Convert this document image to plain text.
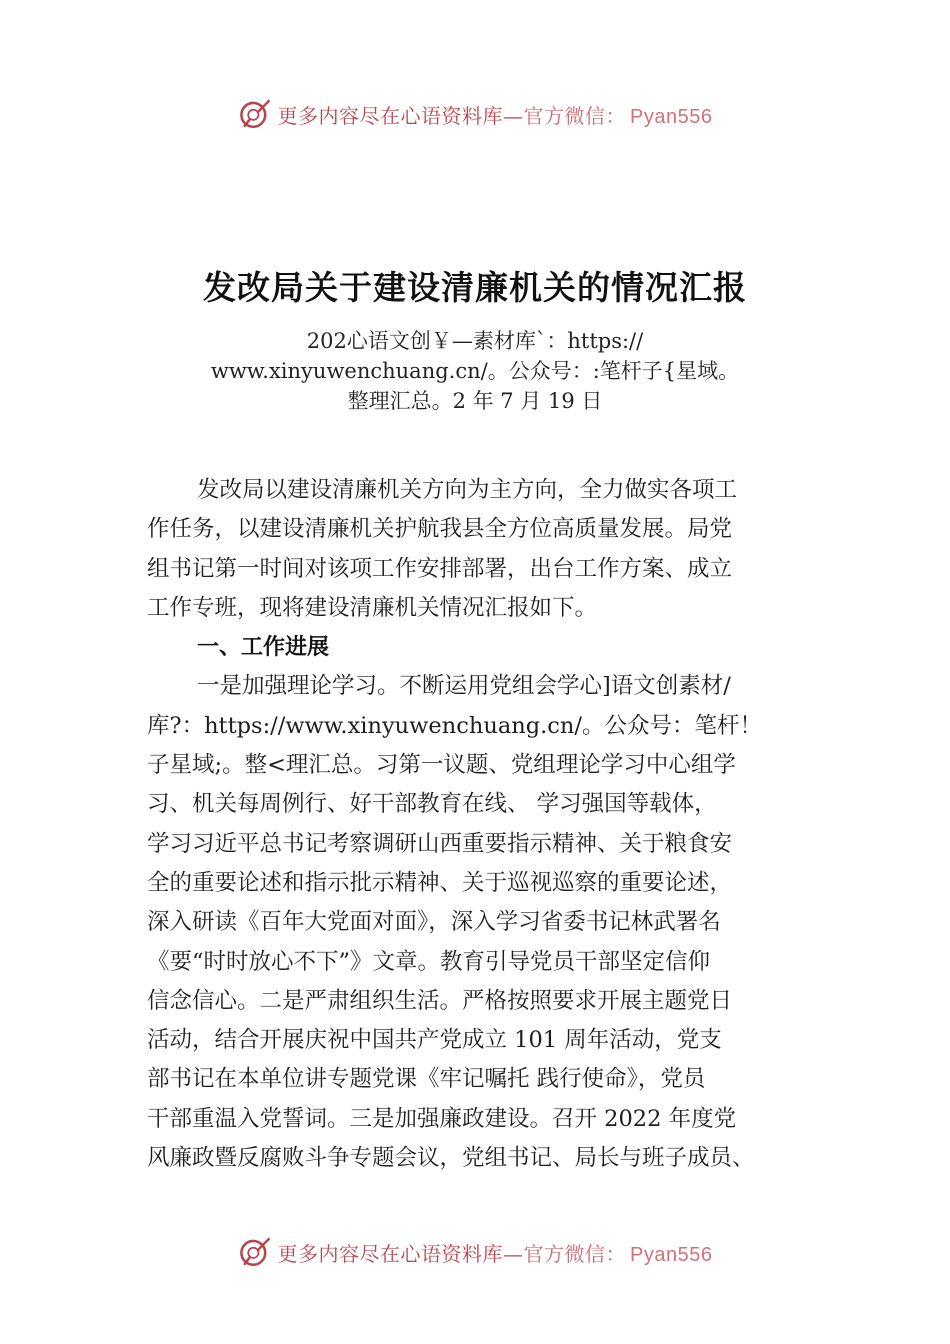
更多内容尽在心语资料库—官方微信： Pyan556
发改局关于建设清廉机关的情况汇报
202心语文创￥—素材库`：https://
www.xinyuwenchuang.cn/。公众号：:笔杆子{星域。
整理汇总。2 年 7 月 19 日

发改局以建设清廉机关方向为主方向，全力做实各项工
作任务，以建设清廉机关护航我县全方位高质量发展。局党
组书记第一时间对该项工作安排部署，出台工作方案、成立
工作专班，现将建设清廉机关情况汇报如下。

一、工作进展

一是加强理论学习。不断运用党组会学心]语文创素材/
库?：https://www.xinyuwenchuang.cn/。公众号：笔杆！
子星域;。整<理汇总。习第一议题、党组理论学习中心组学
习、机关每周例行、好干部教育在线、 学习强国等载体，
学习习近平总书记考察调研山西重要指示精神、关于粮食安
全的重要论述和指示批示精神、关于巡视巡察的重要论述，
深入研读《百年大党面对面》，深入学习省委书记林武署名
《要“时时放心不下”》文章。教育引导党员干部坚定信仰
信念信心。二是严肃组织生活。严格按照要求开展主题党日
活动，结合开展庆祝中国共产党成立 101 周年活动，党支
部书记在本单位讲专题党课《牢记嘱托 践行使命》，党员
干部重温入党誓词。三是加强廉政建设。召开 2022 年度党
风廉政暨反腐败斗争专题会议，党组书记、局长与班子成员、

更多内容尽在心语资料库—官方微信： Pyan556
